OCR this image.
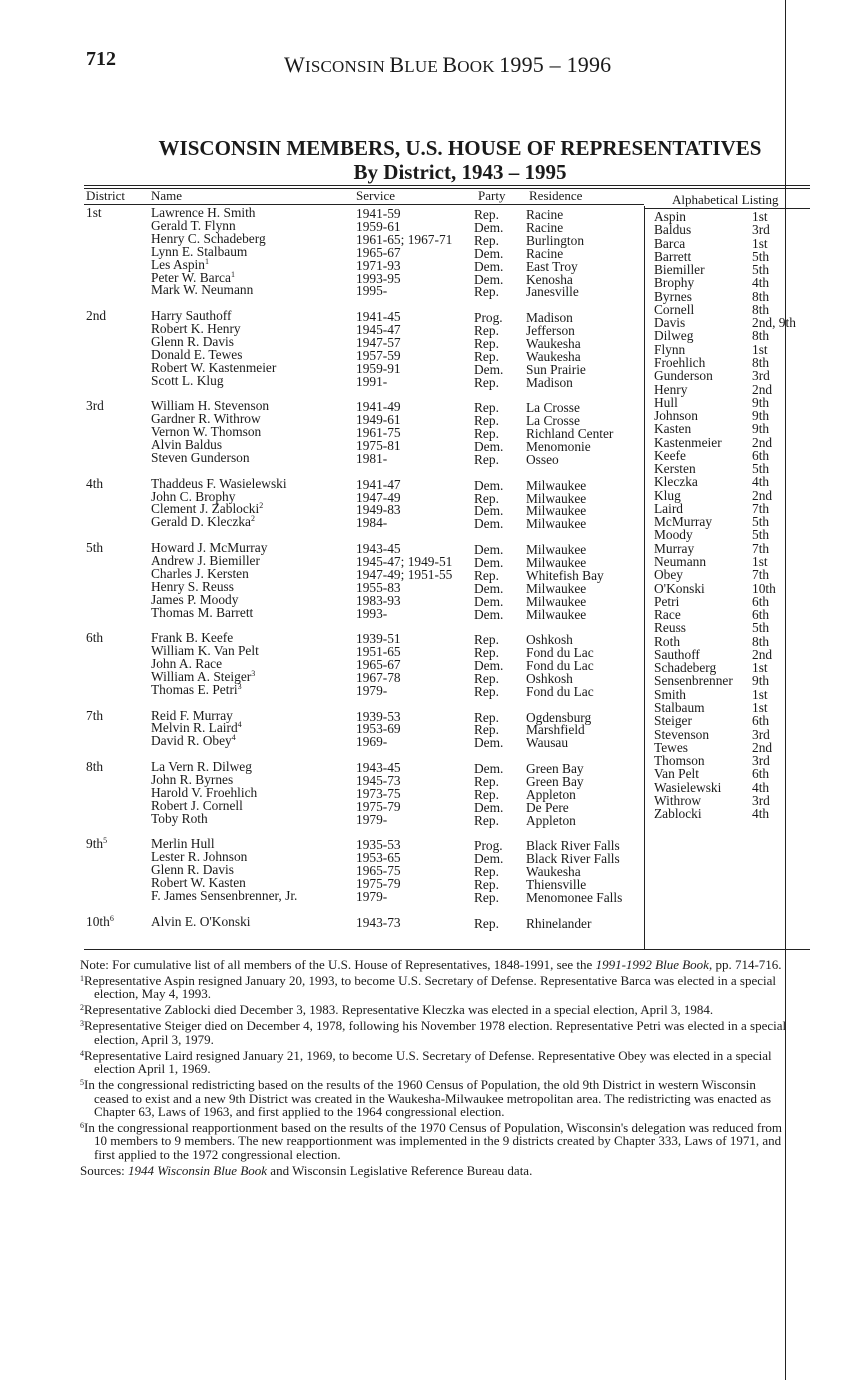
712	WISCONSIN BLUE BOOK 1995 – 1996
WISCONSIN MEMBERS, U.S. HOUSE OF REPRESENTATIVES
By District, 1943 – 1995
District Name	Service	Party Residence	Alphabetical Listing
1st	Lawrence H. Smith	1941-59	Rep. Racine
Gerald T. Flynn	1959-61	Dem. Racine
Henry C. Schadeberg	1961-65; 1967-71 Rep. Burlington
Lynn E. Stalbaum	1965-67	Dem. Racine
Les Aspin$^1$	1971-93	Dem. East Troy
Peter W. Barca$^1$	1993-95	Dem. Kenosha
Mark W. Neumann	1995-	Rep. Janesville
2nd	Harry Sauthoff	1941-45	Prog. Madison
Robert K. Henry	1945-47	Rep. Jefferson
Glenn R. Davis	1947-57	Rep. Waukesha
Donald E. Tewes	1957-59	Rep. Waukesha
Robert W. Kastenmeier	1959-91	Dem. Sun Prairie
Scott L. Klug	1991-	Rep. Madison
3rd	William H. Stevenson	1941-49	Rep. La Crosse
Gardner R. Withrow	1949-61	Rep. La Crosse
Vernon W. Thomson	1961-75	Rep. Richland Center
Alvin Baldus	1975-81	Dem. Menomonie
Steven Gunderson	1981-	Rep. Osseo
4th	Thaddeus F. Wasielewski	1941-47	Dem. Milwaukee
John C. Brophy	1947-49	Rep. Milwaukee
Clement J. Zablocki$^2$	1949-83	Dem. Milwaukee
Gerald D. Kleczka$^2$	1984-	Dem. Milwaukee
5th	Howard J. McMurray	1943-45	Dem. Milwaukee
Andrew J. Biemiller	1945-47; 1949-51 Dem. Milwaukee
Charles J. Kersten	1947-49; 1951-55 Rep. Whitefish Bay
Henry S. Reuss	1955-83	Dem. Milwaukee
James P. Moody	1983-93	Dem. Milwaukee
Thomas M. Barrett	1993-	Dem. Milwaukee
6th	Frank B. Keefe	1939-51	Rep. Oshkosh
William K. Van Pelt	1951-65	Rep. Fond du Lac
John A. Race	1965-67	Dem. Fond du Lac
William A. Steiger$^3$	1967-78	Rep. Oshkosh
Thomas E. Petri$^3$	1979-	Rep. Fond du Lac
7th	Reid F. Murray	1939-53	Rep. Ogdensburg
Melvin R. Laird$^4$	1953-69	Rep. Marshfield
David R. Obey$^4$	1969-	Dem. Wausau
8th	La Vern R. Dilweg	1943-45	Dem. Green Bay
John R. Byrnes	1945-73	Rep. Green Bay
Harold V. Froehlich	1973-75	Rep. Appleton
Robert J. Cornell	1975-79	Dem. De Pere
Toby Roth	1979-	Rep. Appleton
$9th^5$	Merlin Hull	1935-53	Prog. Black River Falls
Lester R. Johnson	1953-65	Dem. Black River Falls
Glenn R. Davis	1965-75	Rep. Waukesha
Robert W. Kasten	1975-79	Rep. Thiensville
F. James Sensenbrenner, Jr.	1979-	Rep. Menomonee Falls
$10th^6$	Alvin E. O'Konski	1943-73	Rep. Rhinelander
Aspin	1st
Baldus	3rd
Barca	1st
Barrett	5th
Biemiller	5th
Brophy	4th
Byrnes	8th
Cornell	8th
Davis	2nd, 9th
Dilweg	8th
Flynn	1st
Froehlich	8th
Gunderson	3rd
Henry	2nd
Hull	9th
Johnson	9th
Kasten	9th
Kastenmeier 2nd
Keefe	6th
Kersten	5th
Kleczka	4th
Klug	2nd
Laird	7th
McMurray	5th
Moody	5th
Murray	7th
Neumann	1st
Obey	7th
O'Konski	10th
Petri	6th
Race	6th
Reuss	5th
Roth	8th
Sauthoff	2nd
Schadeberg	1st
Sensenbrenner 9th
Smith	1st
Stalbaum	1st
Steiger	6th
Stevenson	3rd
Tewes	2nd
Thomson	3rd
Van Pelt	6th
Wasielewski 4th
Withrow	3rd
Zablocki	4th

Note: For cumulative list of all members of the U.S. House of Representatives, 1848-1991, see the 1991-1992 Blue Book, pp. 714-716.

$^1$Representative Aspin resigned January 20, 1993, to become U.S. Secretary of Defense. Representative Barca was elected in a special election, May 4, 1993.

$^2$Representative Zablocki died December 3, 1983. Representative Kleczka was elected in a special election, April 3, 1984.

$^3$Representative Steiger died on December 4, 1978, following his November 1978 election. Representative Petri was elected in a special election, April 3, 1979.

$^4$Representative Laird resigned January 21, 1969, to become U.S. Secretary of Defense. Representative Obey was elected in a special election April 1, 1969.

$^5$In the congressional redistricting based on the results of the 1960 Census of Population, the old 9th District in western Wisconsin ceased to exist and a new 9th District was created in the Waukesha-Milwaukee metropolitan area. The redistricting was enacted as Chapter 63, Laws of 1963, and first applied to the 1964 congressional election.

$^6$In the congressional reapportionment based on the results of the 1970 Census of Population, Wisconsin's delegation was reduced from 10 members to 9 members. The new reapportionment was implemented in the 9 districts created by Chapter 333, Laws of 1971, and first applied to the 1972 congressional election.

Sources: 1944 Wisconsin Blue Book and Wisconsin Legislative Reference Bureau data.
